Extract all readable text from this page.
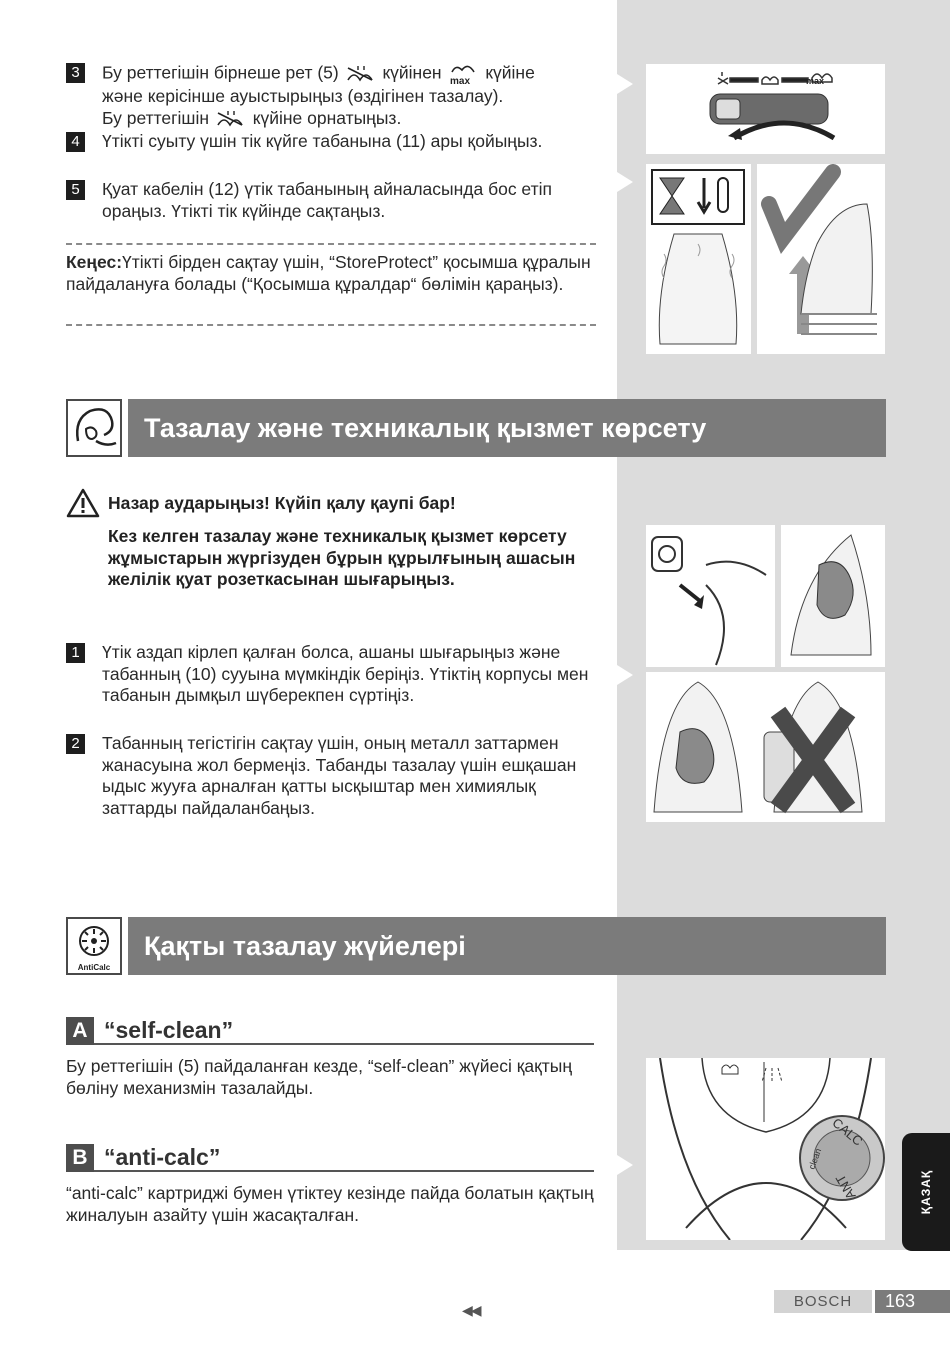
max
CALC
clean
ANT
3	Бу реттегішін бірнеше рет (5)	күйінен max күйіне
және керісінше ауыстырыңыз (өздігінен тазалау).
Бу реттегішін	күйіне орнатыңыз.
4	Үтікті суыту үшін тік күйге табанына (11) ары қойыңыз.
5	Қуат кабелін (12) үтік табанының айналасында бос етіп ораңыз. Үтікті тік күйінде сақтаңыз.
Кеңес:Үтікті бірден сақтау үшін, “StoreProtect” қосымша құралын пайдалануға болады (“Қосымша құралдар“ бөлімін қараңыз).
Тазалау және техникалық қызмет көрсету
Назар аударыңыз! Күйіп қалу қаупі бар!
Кез келген тазалау және техникалық қызмет көрсету жұмыстарын жүргізуден бұрын құрылғының ашасын желілік қуат розеткасынан шығарыңыз.
1	Үтік аздап кірлеп қалған болса, ашаны шығарыңыз және табанның (10) сууына мүмкіндік беріңіз. Үтіктің корпусы мен табанын дымқыл шүберекпен сүртіңіз.
2	Табанның тегістігін сақтау үшін, оның металл заттармен жанасуына жол бермеңіз. Табанды тазалау үшін ешқашан ыдыс жууға арналған қатты ысқыштар мен химиялық заттарды пайдаланбаңыз.
AntiCalc
Қақты тазалау жүйелері
A “self-clean”
Бу реттегішін (5) пайдаланған кезде, “self-clean” жүйесі қақтың бөліну механизмін тазалайды.
B “anti-calc”
“anti-calc” картриджі бумен үтіктеу кезінде пайда болатын қақтың жиналуын азайту үшін жасақталған.
ҚАЗАҚ
◀◀	BOSCH	163
